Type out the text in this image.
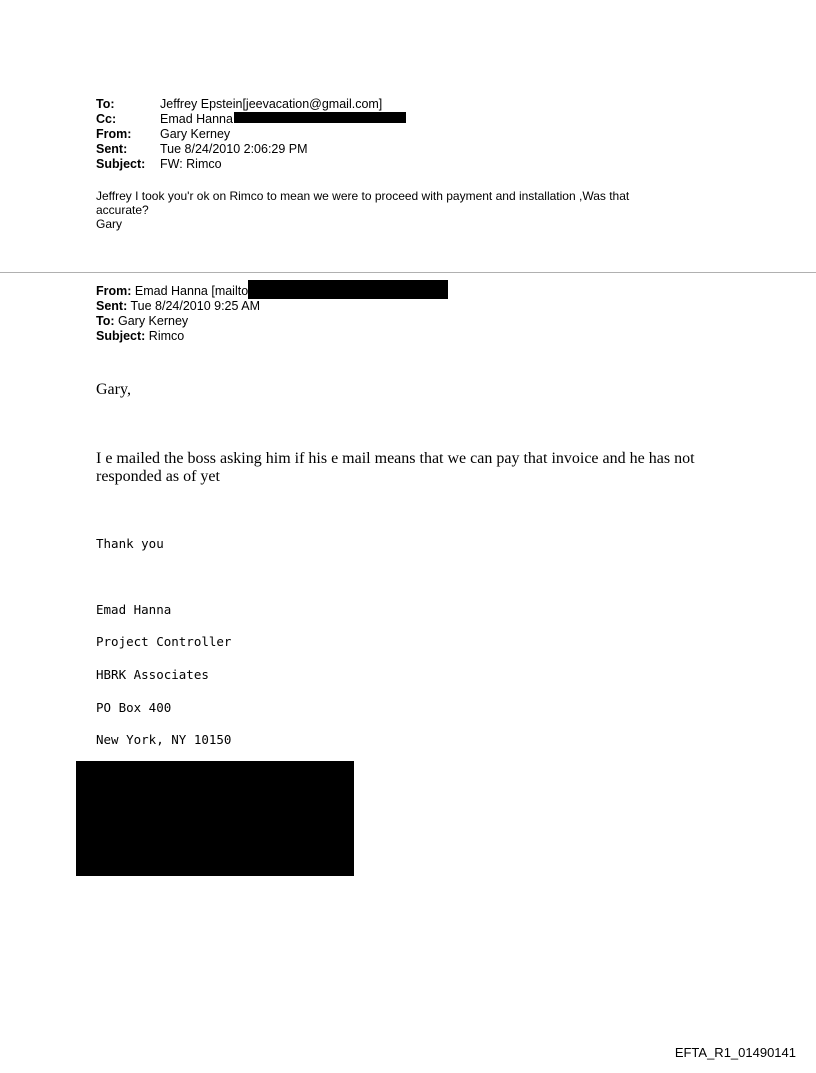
To:	Jeffrey Epstein[jeevacation@gmail.com]
Cc:	Emad Hanna
From:	Gary Kerney
Sent:	Tue 8/24/2010 2:06:29 PM
Subject:	FW: Rimco
Jeffrey I took you'r ok on Rimco to mean we were to proceed with payment and installation ,Was that
accurate?
Gary
From: Emad Hanna [mailto
Sent: Tue 8/24/2010 9:25 AM
To: Gary Kerney
Subject: Rimco
Gary,
I e mailed the boss asking him if his e mail means that we can pay that invoice and he has not responded as of yet
Thank you
Emad Hanna
Project Controller
HBRK Associates
PO Box 400
New York, NY 10150
EFTA_R1_01490141
